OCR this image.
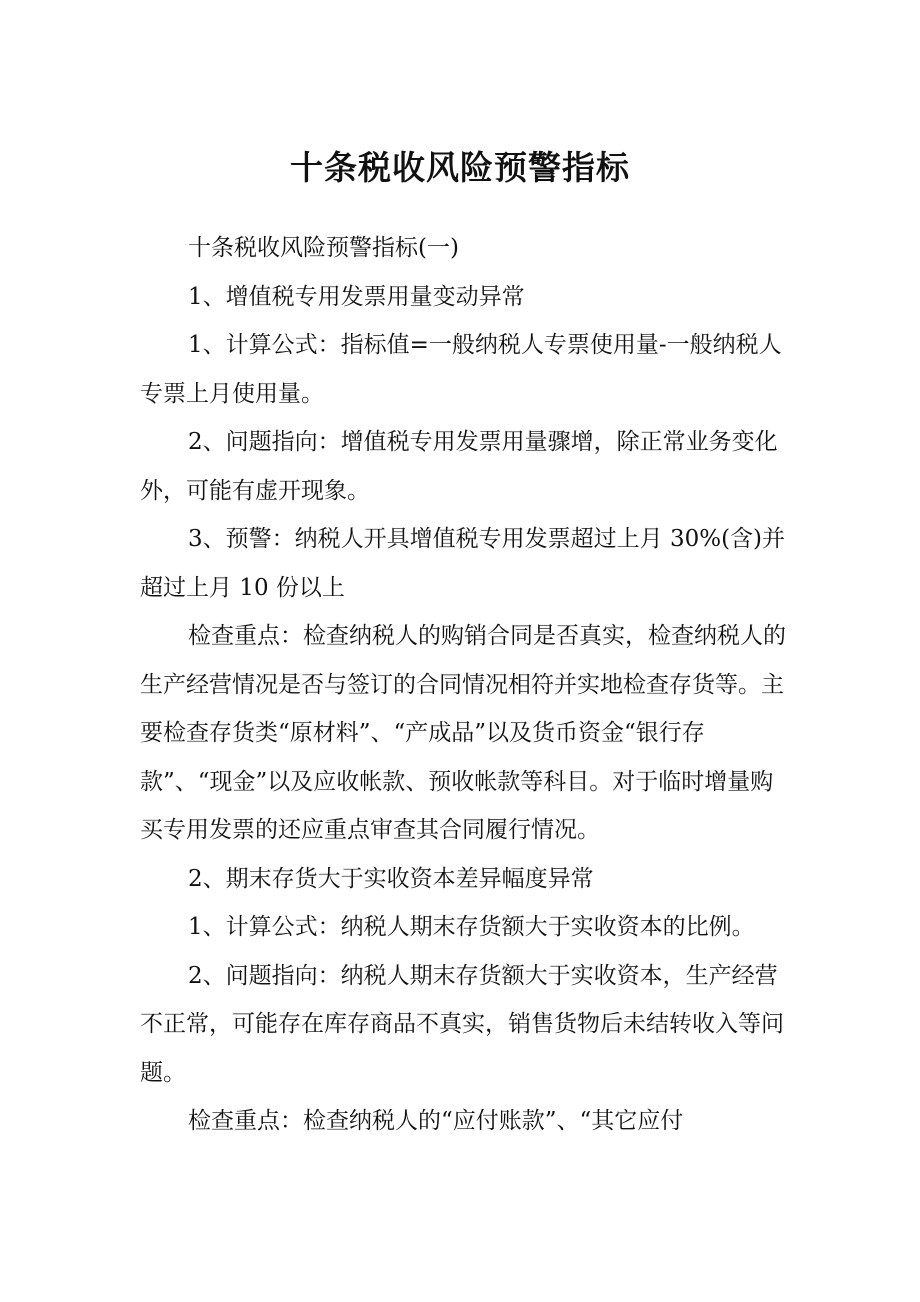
十条税收风险预警指标

十条税收风险预警指标(一)

1、增值税专用发票用量变动异常

1、计算公式：指标值=一般纳税人专票使用量-一般纳税人专票上月使用量。

2、问题指向：增值税专用发票用量骤增，除正常业务变化外，可能有虚开现象。

3、预警：纳税人开具增值税专用发票超过上月 30%(含)并超过上月 10 份以上

检查重点：检查纳税人的购销合同是否真实，检查纳税人的生产经营情况是否与签订的合同情况相符并实地检查存货等。主要检查存货类“原材料”、“产成品”以及货币资金“银行存款”、“现金”以及应收帐款、预收帐款等科目。对于临时增量购买专用发票的还应重点审查其合同履行情况。

2、期末存货大于实收资本差异幅度异常

1、计算公式：纳税人期末存货额大于实收资本的比例。

2、问题指向：纳税人期末存货额大于实收资本，生产经营不正常，可能存在库存商品不真实，销售货物后未结转收入等问题。

检查重点：检查纳税人的“应付账款”、“其它应付
